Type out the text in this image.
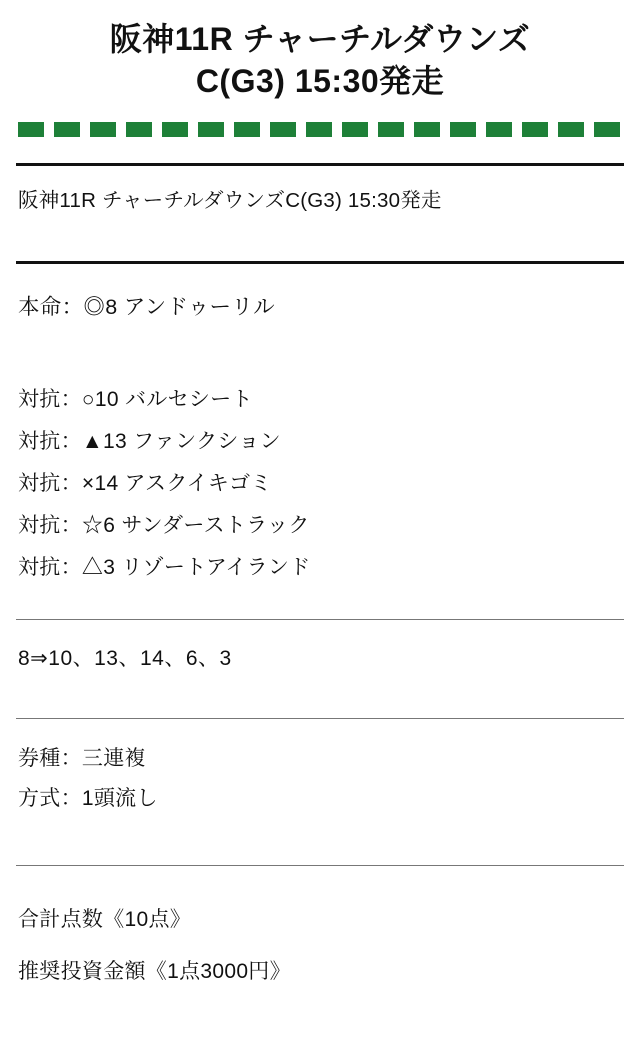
阪神11R チャーチルダウンズ
C(G3) 15:30発走
阪神11R チャーチルダウンズC(G3) 15:30発走
本命：◎8 アンドゥーリル
対抗：○10 バルセシート
対抗：▲13 ファンクション
対抗：×14 アスクイキゴミ
対抗：☆6 サンダーストラック
対抗：△3 リゾートアイランド
8⇒10、13、14、6、3
券種：三連複
方式：1頭流し
合計点数《10点》
推奨投資金額《1点3000円》
